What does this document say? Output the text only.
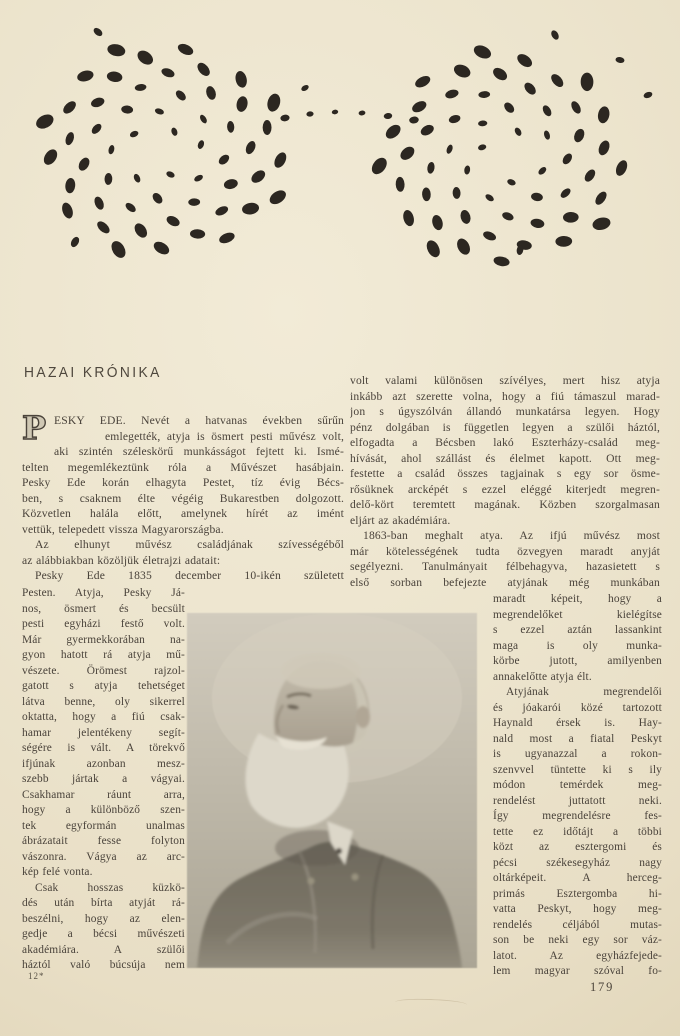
HAZAI KRÓNIKA
P ESKY EDE. Nevét a hatvanas években sűrűn
emlegették, atyja is ösmert pesti művész volt,
aki szintén széleskörű munkásságot fejtett ki. Ismé-
telten megemlékeztünk róla a Művészet hasábjain.
Pesky Ede korán elhagyta Pestet, tíz évig Bécs-
ben, s csaknem élte végéig Bukarestben dolgozott.
Közvetlen halála előtt, amelynek hírét az imént
vettük, telepedett vissza Magyarországba.
Az elhunyt művész családjának szívességéből
az alábbiakban közöljük életrajzi adatait:
Pesky Ede 1835 december 10-ikén született
Pesten. Atyja, Pesky Já-
nos, ösmert és becsült
pesti egyházi festő volt.
Már gyermekkorában na-
gyon hatott rá atyja mű-
vészete. Örömest rajzol-
gatott s atyja tehetséget
látva benne, oly sikerrel
oktatta, hogy a fiú csak-
hamar jelentékeny segít-
ségére is vált. A törekvő
ifjúnak azonban mesz-
szebb jártak a vágyai.
Csakhamar ráunt arra,
hogy a különböző szen-
tek egyformán unalmas
ábrázatait fesse folyton
vászonra. Vágya az arc-
kép felé vonta.
Csak hosszas küzkö-
dés után bírta atyját rá-
beszélni, hogy az elen-
gedje a bécsi művészeti
akadémiára. A szülői
háztól való búcsúja nem
volt valami különösen szívélyes, mert hisz atyja
inkább azt szerette volna, hogy a fiú támaszul marad-
jon s úgyszólván állandó munkatársa legyen. Hogy
pénz dolgában is független legyen a szülői háztól,
elfogadta a Bécsben lakó Eszterházy-család meg-
hívását, ahol szállást és élelmet kapott. Ott meg-
festette a család összes tagjainak s egy sor ösme-
rősüknek arcképét s ezzel eléggé kiterjedt megren-
delő-kört teremtett magának. Közben szorgalmasan
eljárt az akadémiára.
1863-ban meghalt atya. Az ifjú művész most
már kötelességének tudta özvegyen maradt anyját
segélyezni. Tanulmányait félbehagyva, hazasietett s
első sorban befejezte atyjának még munkában
maradt képeit, hogy a
megrendelőket kielégítse
s ezzel aztán lassankint
maga is oly munka-
körbe jutott, amilyenben
annakelőtte atyja élt.
Atyjának megrendelői
és jóakarói közé tartozott
Haynald érsek is. Hay-
nald most a fiatal Peskyt
is ugyanazzal a rokon-
szenvvel tüntette ki s ily
módon temérdek meg-
rendelést juttatott neki.
Így megrendelésre fes-
tette ez időtájt a többi
közt az esztergomi és
pécsi székesegyház nagy
oltárképeit. A herceg-
primás Esztergomba hi-
vatta Peskyt, hogy meg-
rendelés céljából mutas-
son be neki egy sor váz-
latot. Az egyházfejede-
lem magyar szóval fo-
12*
179
